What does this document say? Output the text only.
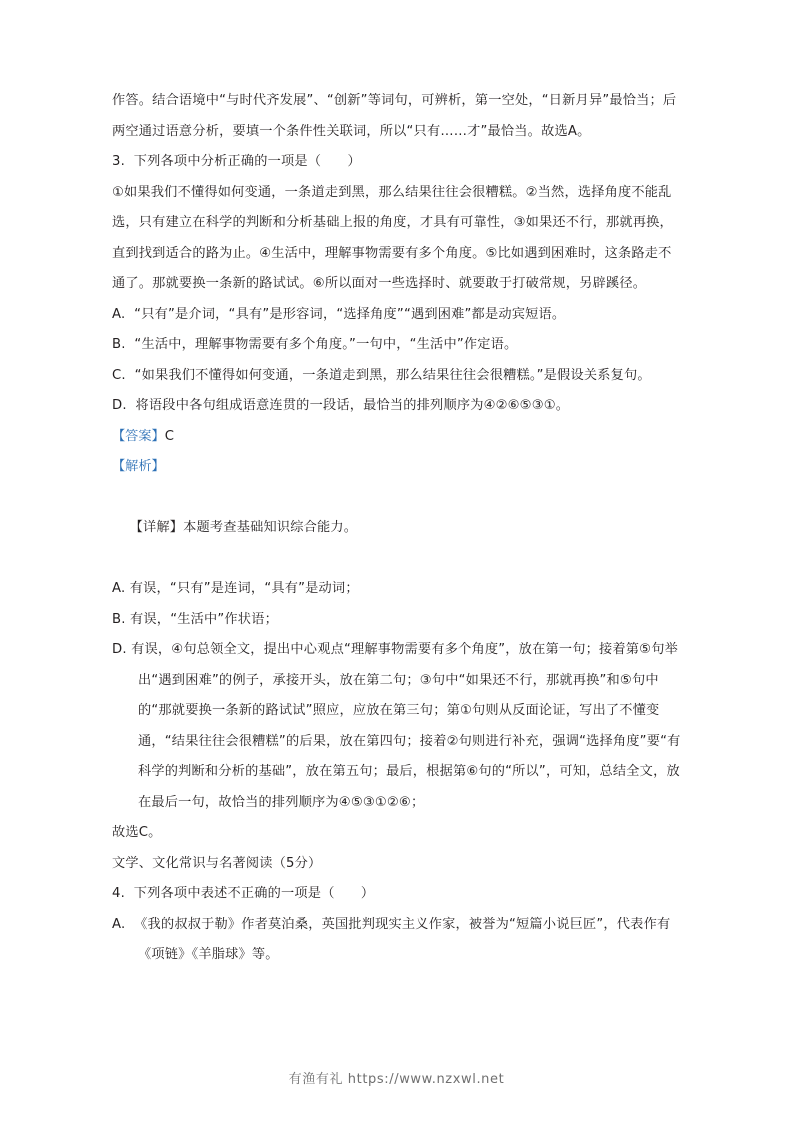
作答。结合语境中“与时代齐发展”、“创新”等词句，可辨析，第一空处，“日新月异”最恰当；后两空通过语意分析，要填一个条件性关联词，所以“只有……才”最恰当。故选A。
3.  下列各项中分析正确的一项是（      ）
①如果我们不懂得如何变通，一条道走到黑，那么结果往往会很糟糕。②当然，选择角度不能乱选，只有建立在科学的判断和分析基础上报的角度，才具有可靠性，③如果还不行，那就再换，直到找到适合的路为止。④生活中，理解事物需要有多个角度。⑤比如遇到困难时，这条路走不通了。那就要换一条新的路试试。⑥所以面对一些选择时、就要敢于打破常规，另辟蹊径。
A.  “只有”是介词，“具有”是形容词，“选择角度”“遇到困难”都是动宾短语。
B.  “生活中，理解事物需要有多个角度。”一句中，“生活中”作定语。
C.  “如果我们不懂得如何变通，一条道走到黑，那么结果往往会很糟糕。”是假设关系复句。
D.  将语段中各句组成语意连贯的一段话，最恰当的排列顺序为④②⑥⑤③①。
【答案】C
【解析】

【详解】本题考查基础知识综合能力。

A. 有误，“只有”是连词，“具有”是动词；
B. 有误，“生活中”作状语；
D. 有误，④句总领全文，提出中心观点“理解事物需要有多个角度”，放在第一句；接着第⑤句举出“遇到困难”的例子，承接开头，放在第二句；③句中“如果还不行，那就再换”和⑤句中的“那就要换一条新的路试试”照应，应放在第三句；第①句则从反面论证，写出了不懂变通，“结果往往会很糟糕”的后果，放在第四句；接着②句则进行补充，强调“选择角度”要“有科学的判断和分析的基础”，放在第五句；最后，根据第⑥句的“所以”，可知，总结全文，放在最后一句，故恰当的排列顺序为④⑤③①②⑥；
故选C。
文学、文化常识与名著阅读（5分）
4.  下列各项中表述不正确的一项是（      ）
A.  《我的叔叔于勒》作者莫泊桑，英国批判现实主义作家，被誉为“短篇小说巨匠”，代表作有《项链》《羊脂球》等。
有渔有礼 https://www.nzxwl.net
